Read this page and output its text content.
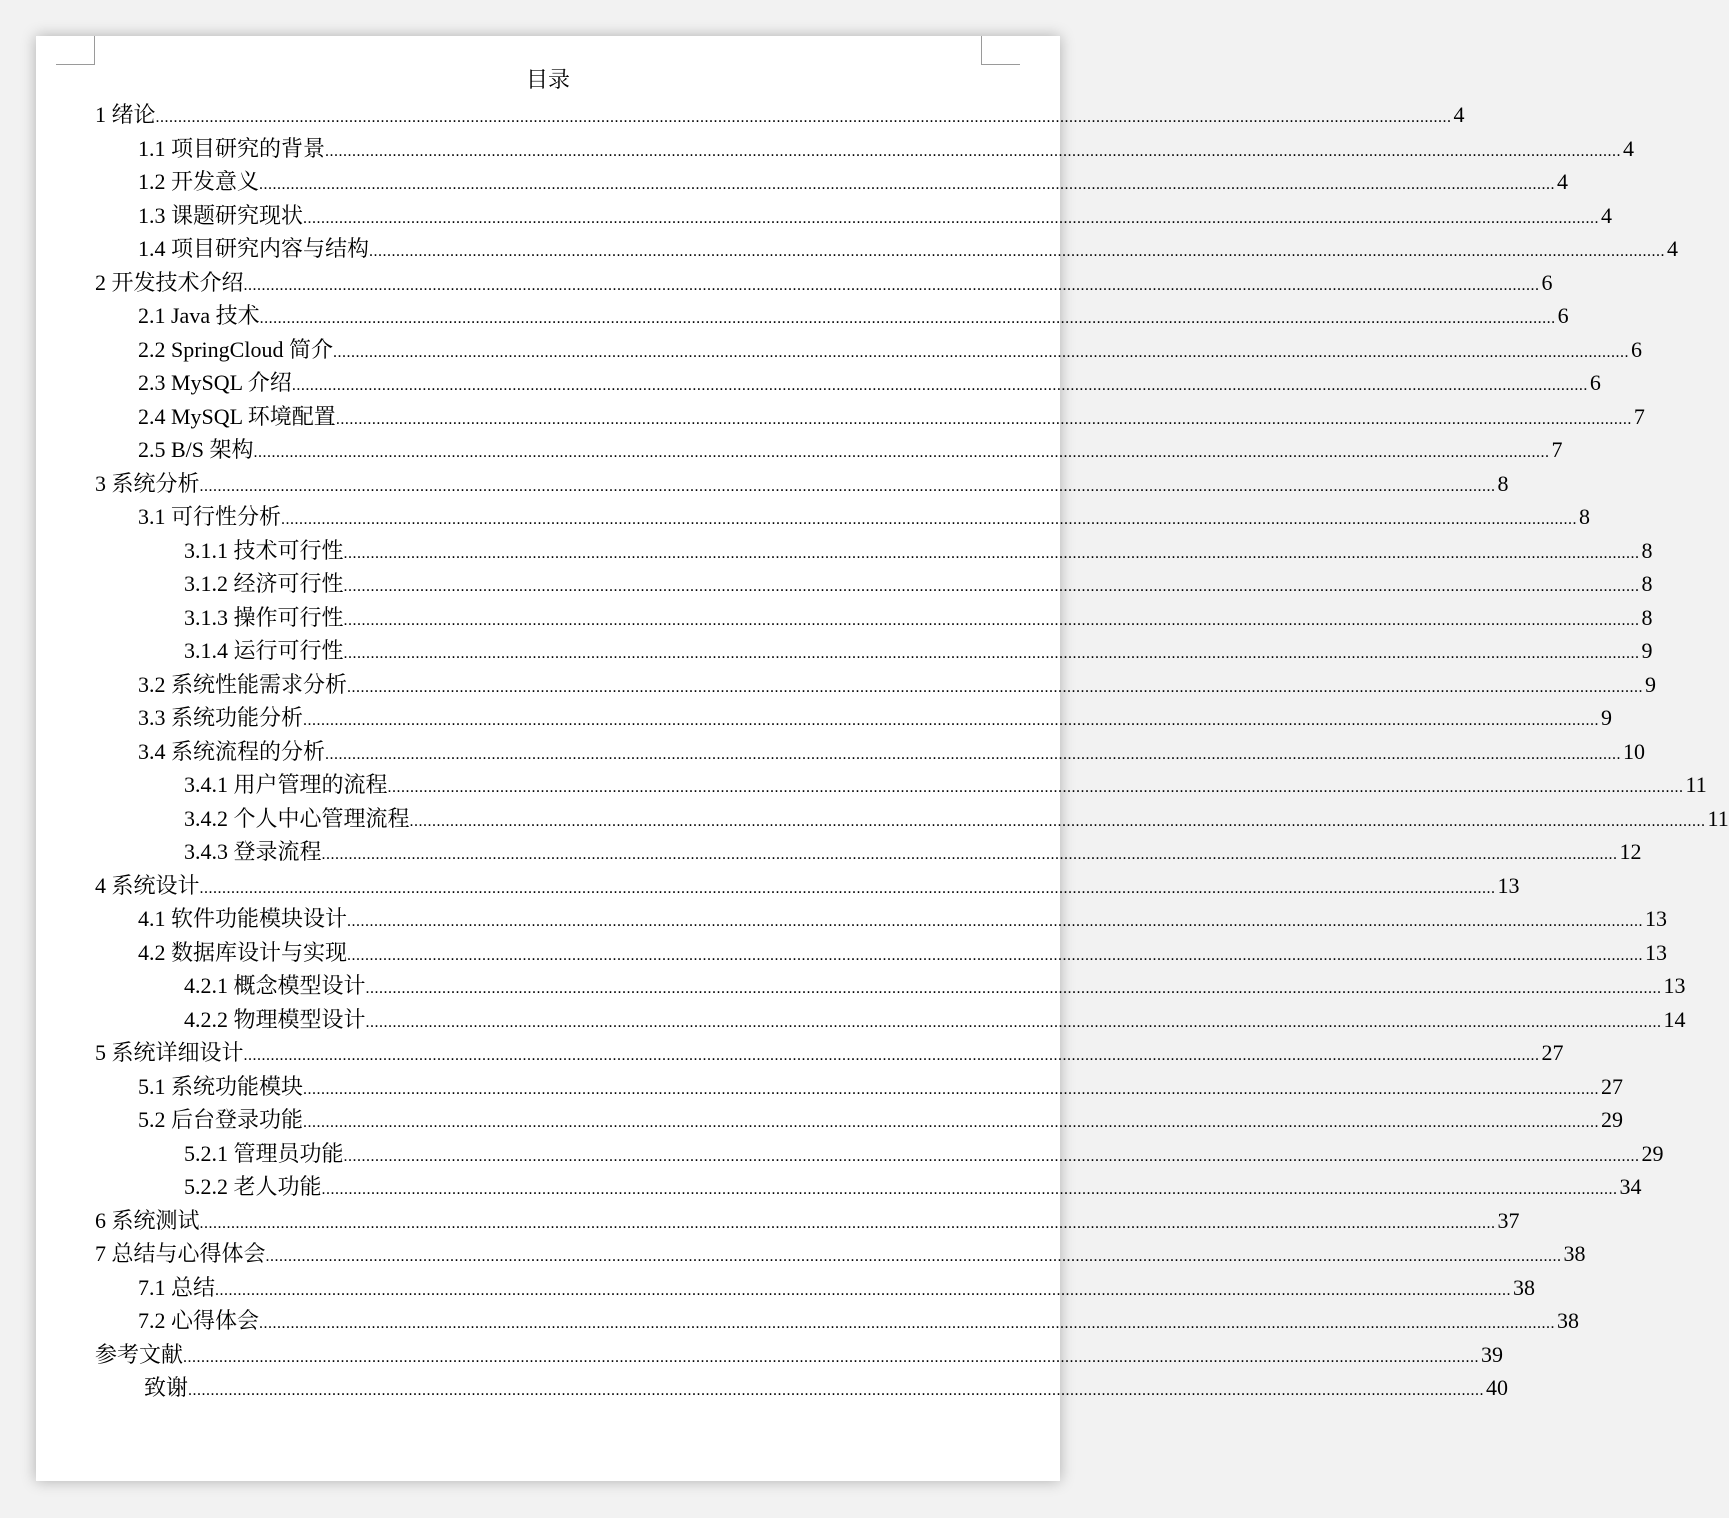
目录
1 绪论 ................................................................................................................................................................................................................................................................................................ 4
1.1 项目研究的背景 ................................................................................................................................................................................................................................................................................................ 4
1.2 开发意义 ................................................................................................................................................................................................................................................................................................ 4
1.3 课题研究现状 ................................................................................................................................................................................................................................................................................................ 4
1.4 项目研究内容与结构 ................................................................................................................................................................................................................................................................................................ 4
2 开发技术介绍 ................................................................................................................................................................................................................................................................................................ 6
2.1 Java 技术 ................................................................................................................................................................................................................................................................................................ 6
2.2 SpringCloud 简介 ................................................................................................................................................................................................................................................................................................ 6
2.3 MySQL 介绍 ................................................................................................................................................................................................................................................................................................ 6
2.4 MySQL 环境配置 ................................................................................................................................................................................................................................................................................................ 7
2.5 B/S 架构 ................................................................................................................................................................................................................................................................................................ 7
3 系统分析 ................................................................................................................................................................................................................................................................................................ 8
3.1 可行性分析 ................................................................................................................................................................................................................................................................................................ 8
3.1.1 技术可行性 ................................................................................................................................................................................................................................................................................................ 8
3.1.2 经济可行性 ................................................................................................................................................................................................................................................................................................ 8
3.1.3 操作可行性 ................................................................................................................................................................................................................................................................................................ 8
3.1.4 运行可行性 ................................................................................................................................................................................................................................................................................................ 9
3.2 系统性能需求分析 ................................................................................................................................................................................................................................................................................................ 9
3.3 系统功能分析 ................................................................................................................................................................................................................................................................................................ 9
3.4 系统流程的分析 ................................................................................................................................................................................................................................................................................................ 10
3.4.1 用户管理的流程 ................................................................................................................................................................................................................................................................................................ 11
3.4.2 个人中心管理流程 ................................................................................................................................................................................................................................................................................................ 11
3.4.3 登录流程 ................................................................................................................................................................................................................................................................................................ 12
4 系统设计 ................................................................................................................................................................................................................................................................................................ 13
4.1 软件功能模块设计 ................................................................................................................................................................................................................................................................................................ 13
4.2 数据库设计与实现 ................................................................................................................................................................................................................................................................................................ 13
4.2.1 概念模型设计 ................................................................................................................................................................................................................................................................................................ 13
4.2.2 物理模型设计 ................................................................................................................................................................................................................................................................................................ 14
5 系统详细设计 ................................................................................................................................................................................................................................................................................................ 27
5.1 系统功能模块 ................................................................................................................................................................................................................................................................................................ 27
5.2 后台登录功能 ................................................................................................................................................................................................................................................................................................ 29
5.2.1 管理员功能 ................................................................................................................................................................................................................................................................................................ 29
5.2.2 老人功能 ................................................................................................................................................................................................................................................................................................ 34
6 系统测试 ................................................................................................................................................................................................................................................................................................ 37
7 总结与心得体会 ................................................................................................................................................................................................................................................................................................ 38
7.1 总结 ................................................................................................................................................................................................................................................................................................ 38
7.2 心得体会 ................................................................................................................................................................................................................................................................................................ 38
参考文献 ................................................................................................................................................................................................................................................................................................ 39
致谢 ................................................................................................................................................................................................................................................................................................ 40
